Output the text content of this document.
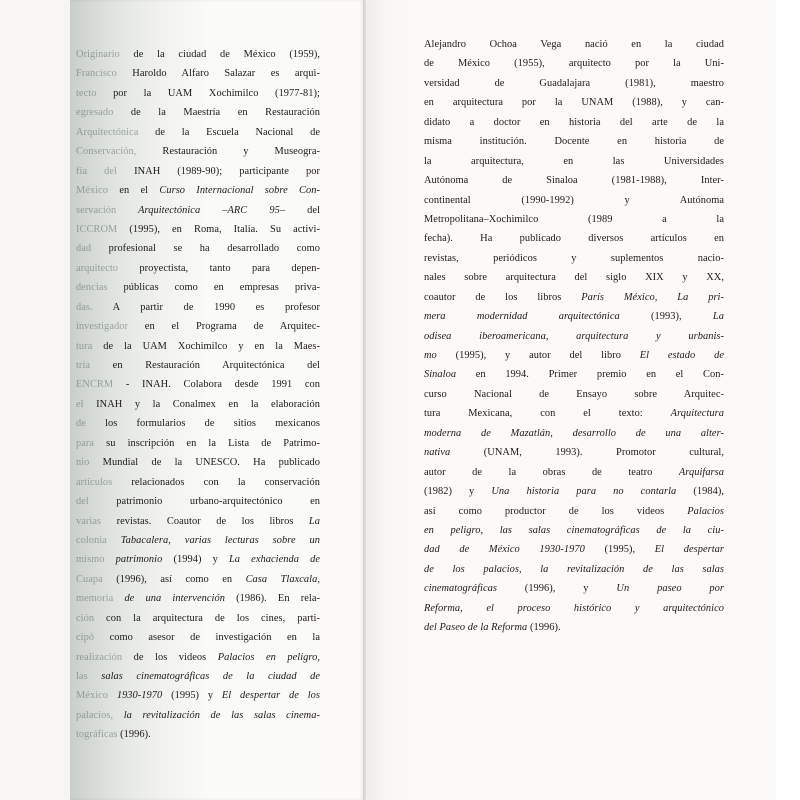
Originario de la ciudad de México (1959),
Francisco Haroldo Alfaro Salazar es arqui-
tecto por la UAM Xochimilco (1977-81);
egresado de la Maestría en Restauración
Arquitectónica de la Escuela Nacional de
Conservación, Restauración y Museogra-
fía del INAH (1989-90); participante por
México en el Curso Internacional sobre Con-
servación Arquitectónica –ARC 95– del
ICCROM (1995), en Roma, Italia. Su activi-
dad profesional se ha desarrollado como
arquitecto proyectista, tanto para depen-
dencias públicas como en empresas priva-
das. A partir de 1990 es profesor
investigador en el Programa de Arquitec-
tura de la UAM Xochimilco y en la Maes-
tría en Restauración Arquitectónica del
ENCRM - INAH. Colabora desde 1991 con
el INAH y la Conalmex en la elaboración
de los formularios de sitios mexicanos
para su inscripción en la Lista de Patrimo-
nio Mundial de la UNESCO. Ha publicado
artículos relacionados con la conservación
del patrimonio urbano-arquitectónico en
varias revistas. Coautor de los libros La
colonia Tabacalera, varias lecturas sobre un
mismo patrimonio (1994) y La exhacienda de
Cuapa (1996), así como en Casa Tlaxcala,
memoria de una intervención (1986). En rela-
ción con la arquitectura de los cines, parti-
cipó como asesor de investigación en la
realización de los videos Palacios en peligro,
las salas cinematográficas de la ciudad de
México 1930-1970 (1995) y El despertar de los
palacios, la revitalización de las salas cinema-
tográficas (1996).
Alejandro Ochoa Vega nació en la ciudad
de México (1955), arquitecto por la Uni-
versidad de Guadalajara (1981), maestro
en arquitectura por la UNAM (1988), y can-
didato a doctor en historia del arte de la
misma institución. Docente en historia de
la arquitectura, en las Universidades
Autónoma de Sinaloa (1981-1988), Inter-
continental (1990-1992) y Autónoma
Metropolitana–Xochimilco (1989 a la
fecha). Ha publicado diversos artículos en
revistas, periódicos y suplementos nacio-
nales sobre arquitectura del siglo XIX y XX,
coautor de los libros París México, La pri-
mera modernidad arquitectónica (1993), La
odisea iberoamericana, arquitectura y urbanis-
mo (1995), y autor del libro El estado de
Sinaloa en 1994. Primer premio en el Con-
curso Nacional de Ensayo sobre Arquitec-
tura Mexicana, con el texto: Arquitectura
moderna de Mazatlán, desarrollo de una alter-
nativa (UNAM, 1993). Promotor cultural,
autor de la obras de teatro Arquifarsa
(1982) y Una historia para no contarla (1984),
así como productor de los videos Palacios
en peligro, las salas cinematográficas de la ciu-
dad de México 1930-1970 (1995), El despertar
de los palacios, la revitalización de las salas
cinematográficas (1996), y Un paseo por
Reforma, el proceso histórico y arquitectónico
del Paseo de la Reforma (1996).
